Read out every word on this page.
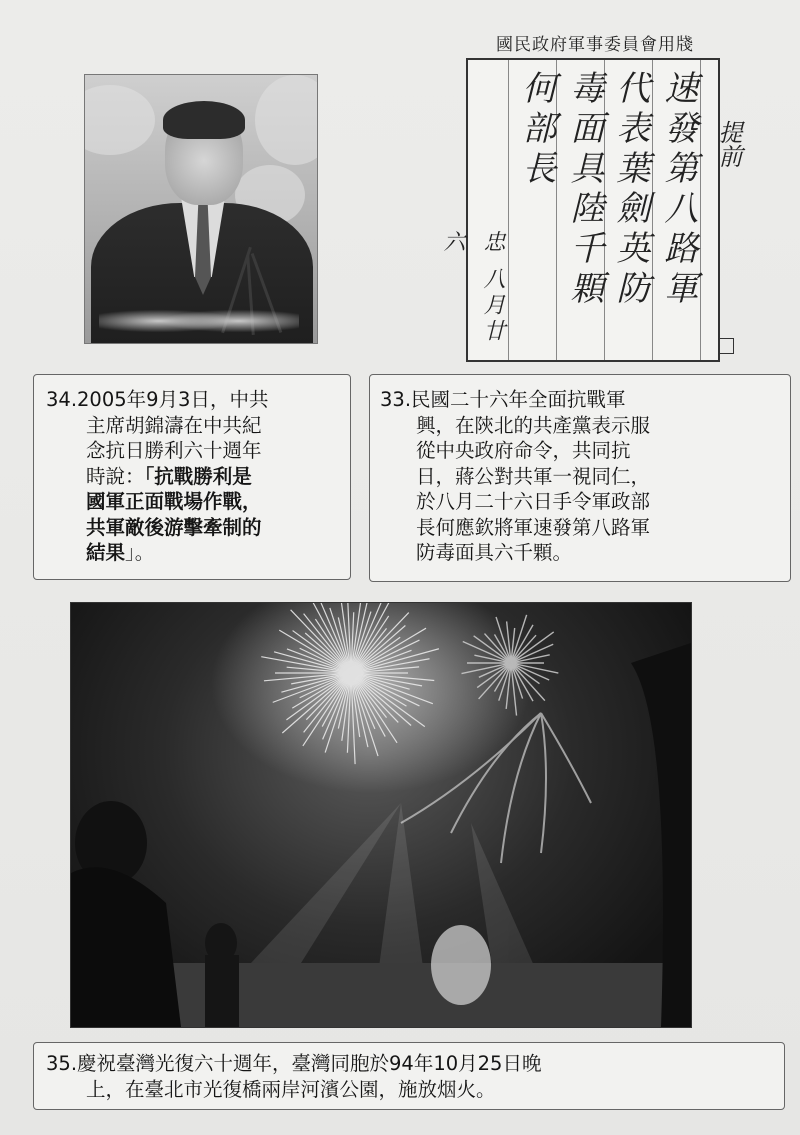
國民政府軍事委員會用牋
速發第八路軍
代表葉劍英防
毒面具陸千顆
何部長
忠 八月廿六
提前
34.2005年9月3日，中共
主席胡錦濤在中共紀
念抗日勝利六十週年
時說：「抗戰勝利是
國軍正面戰場作戰，
共軍敵後游擊牽制的
結果」。
33.民國二十六年全面抗戰軍
興，在陝北的共產黨表示服
從中央政府命令，共同抗
日，蔣公對共軍一視同仁，
於八月二十六日手令軍政部
長何應欽將軍速發第八路軍
防毒面具六千顆。
35.慶祝臺灣光復六十週年，臺灣同胞於94年10月25日晚
上，在臺北市光復橋兩岸河濱公園，施放烟火。
